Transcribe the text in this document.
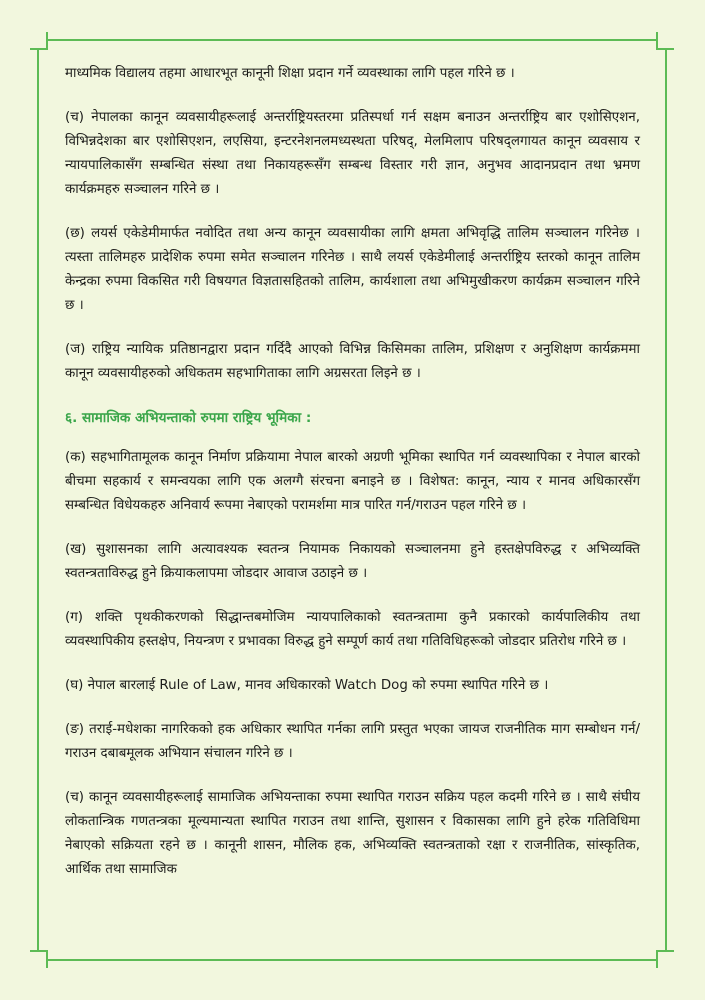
माध्यमिक विद्यालय तहमा आधारभूत कानूनी शिक्षा प्रदान गर्ने व्यवस्थाका लागि पहल गरिने छ ।

(च) नेपालका कानून व्यवसायीहरूलाई अन्तर्राष्ट्रियस्तरमा प्रतिस्पर्धा गर्न सक्षम बनाउन अन्तर्राष्ट्रिय बार एशोसिएशन, विभिन्नदेशका बार एशोसिएशन, लएसिया, इन्टरनेशनलमध्यस्थता परिषद्, मेलमिलाप परिषद्लगायत कानून व्यवसाय र न्यायपालिकासँग सम्बन्धित संस्था तथा निकायहरूसँग सम्बन्ध विस्तार गरी ज्ञान, अनुभव आदानप्रदान तथा भ्रमण कार्यक्रमहरु सञ्चालन गरिने छ ।

(छ) लयर्स एकेडेमीमार्फत नवोदित तथा अन्य कानून व्यवसायीका लागि क्षमता अभिवृद्धि तालिम सञ्चालन गरिनेछ । त्यस्ता तालिमहरु प्रादेशिक रुपमा समेत सञ्चालन गरिनेछ । साथै लयर्स एकेडेमीलाई अन्तर्राष्ट्रिय स्तरको कानून तालिम केन्द्रका रुपमा विकसित गरी विषयगत विज्ञतासहितको तालिम, कार्यशाला तथा अभिमुखीकरण कार्यक्रम सञ्चालन गरिने छ ।

(ज) राष्ट्रिय न्यायिक प्रतिष्ठानद्वारा प्रदान गर्दिदै आएको विभिन्न किसिमका तालिम, प्रशिक्षण र अनुशिक्षण कार्यक्रममा कानून व्यवसायीहरुको अधिकतम सहभागिताका लागि अग्रसरता लिइने छ ।

६. सामाजिक अभियन्ताको रुपमा राष्ट्रिय भूमिका :

(क) सहभागितामूलक कानून निर्माण प्रक्रियामा नेपाल बारको अग्रणी भूमिका स्थापित गर्न व्यवस्थापिका र नेपाल बारको बीचमा सहकार्य र समन्वयका लागि एक अलग्गै संरचना बनाइने छ । विशेषत: कानून, न्याय र मानव अधिकारसँग सम्बन्धित विधेयकहरु अनिवार्य रूपमा नेबाएको परामर्शमा मात्र पारित गर्न/गराउन पहल गरिने छ ।

(ख) सुशासनका लागि अत्यावश्यक स्वतन्त्र नियामक निकायको सञ्चालनमा हुने हस्तक्षेपविरुद्ध र अभिव्यक्ति स्वतन्त्रताविरुद्ध हुने क्रियाकलापमा जोडदार आवाज उठाइने छ ।

(ग) शक्ति पृथकीकरणको सिद्धान्तबमोजिम न्यायपालिकाको स्वतन्त्रतामा कुनै प्रकारको कार्यपालिकीय तथा व्यवस्थापिकीय हस्तक्षेप, नियन्त्रण र प्रभावका विरुद्ध हुने सम्पूर्ण कार्य तथा गतिविधिहरूको जोडदार प्रतिरोध गरिने छ ।

(घ) नेपाल बारलाई Rule of Law, मानव अधिकारको Watch Dog को रुपमा स्थापित गरिने छ ।

(ङ) तराई-मधेशका नागरिकको हक अधिकार स्थापित गर्नका लागि प्रस्तुत भएका जायज राजनीतिक माग सम्बोधन गर्न/गराउन दबाबमूलक अभियान संचालन गरिने छ ।

(च) कानून व्यवसायीहरूलाई सामाजिक अभियन्ताका रुपमा स्थापित गराउन सक्रिय पहल कदमी गरिने छ । साथै संघीय लोकतान्त्रिक गणतन्त्रका मूल्यमान्यता स्थापित गराउन तथा शान्ति, सुशासन र विकासका लागि हुने हरेक गतिविधिमा नेबाएको सक्रियता रहने छ । कानूनी शासन, मौलिक हक, अभिव्यक्ति स्वतन्त्रताको रक्षा र राजनीतिक, सांस्कृतिक, आर्थिक तथा सामाजिक
